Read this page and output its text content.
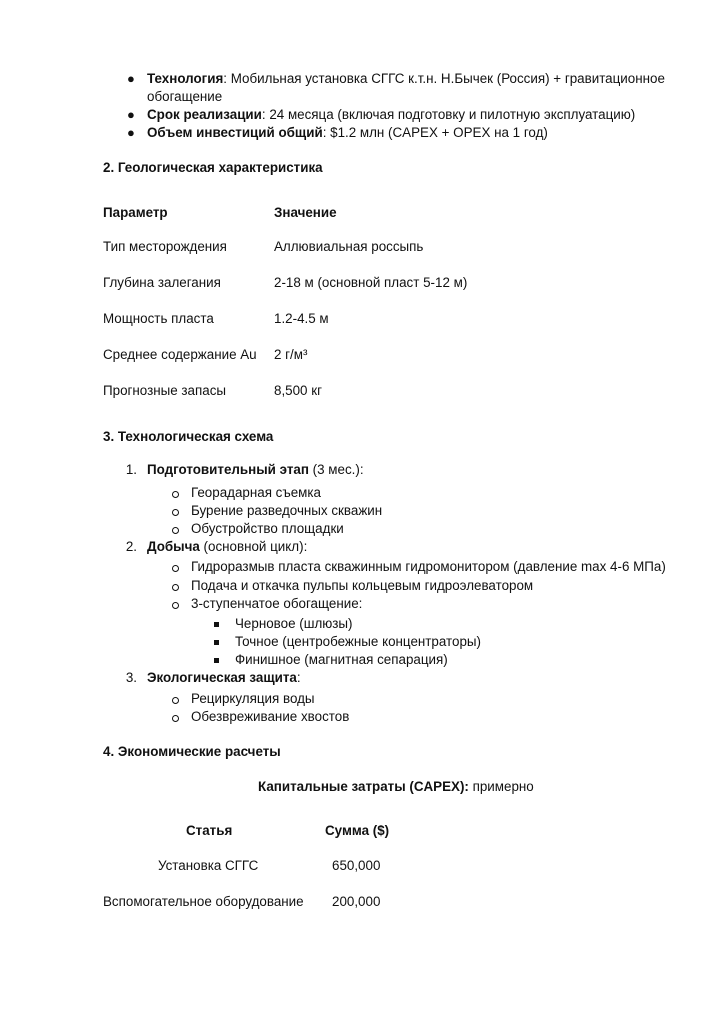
● Технология: Мобильная установка СГГС к.т.н. Н.Бычек (Россия) + гравитационное
обогащение
● Срок реализации: 24 месяца (включая подготовку и пилотную эксплуатацию)
● Объем инвестиций общий: $1.2 млн (CAPEX + OPEX на 1 год)
2. Геологическая характеристика
Параметр	Значение
Тип месторождения	Аллювиальная россыпь
Глубина залегания	2-18 м (основной пласт 5-12 м)
Мощность пласта	1.2-4.5 м
Среднее содержание Au 2 г/м³
Прогнозные запасы	8,500 кг
3. Технологическая схема
1. Подготовительный этап (3 мес.):
Георадарная съемка
Бурение разведочных скважин
Обустройство площадки
2. Добыча (основной цикл):
Гидроразмыв пласта скважинным гидромонитором (давление max 4-6 МПа)
Подача и откачка пульпы кольцевым гидроэлеватором
3-ступенчатое обогащение:
Черновое (шлюзы)
Точное (центробежные концентраторы)
Финишное (магнитная сепарация)
3. Экологическая защита:
Рециркуляция воды
Обезвреживание хвостов
4. Экономические расчеты
Капитальные затраты (CAPEX): примерно
Статья	Сумма ($)
Установка СГГС	650,000
Вспомогательное оборудование 200,000
